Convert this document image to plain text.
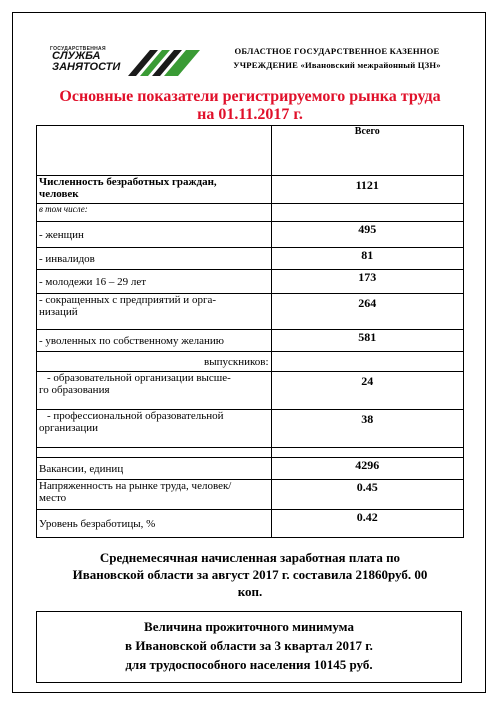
ГОСУДАРСТВЕННАЯ
СЛУЖБА
ЗАНЯТОСТИ
ОБЛАСТНОЕ ГОСУДАРСТВЕННОЕ КАЗЕННОЕ
УЧРЕЖДЕНИЕ «Ивановский межрайонный ЦЗН»
Основные показатели регистрируемого рынка труда
на 01.11.2017 г.
	Всего

Численность безработных граждан,
человек	1121
в том числе:	
- женщин	495
- инвалидов	81
- молодежи 16 – 29 лет	173

- сокращенных с предприятий и орга-
низаций	264
- уволенных по собственному желанию	581
выпускников:	

- образовательной организации высше-
го образования	24

- профессиональной образовательной
организации	38

Вакансии, единиц	4296

Напряженность на рынке труда, человек/
место	0.45
Уровень безработицы, %	0.42
Среднемесячная начисленная заработная плата по
Ивановской области за август 2017 г. составила 21860руб. 00
коп.
Величина прожиточного минимума
в Ивановской области за 3 квартал 2017 г.
для трудоспособного населения 10145 руб.
